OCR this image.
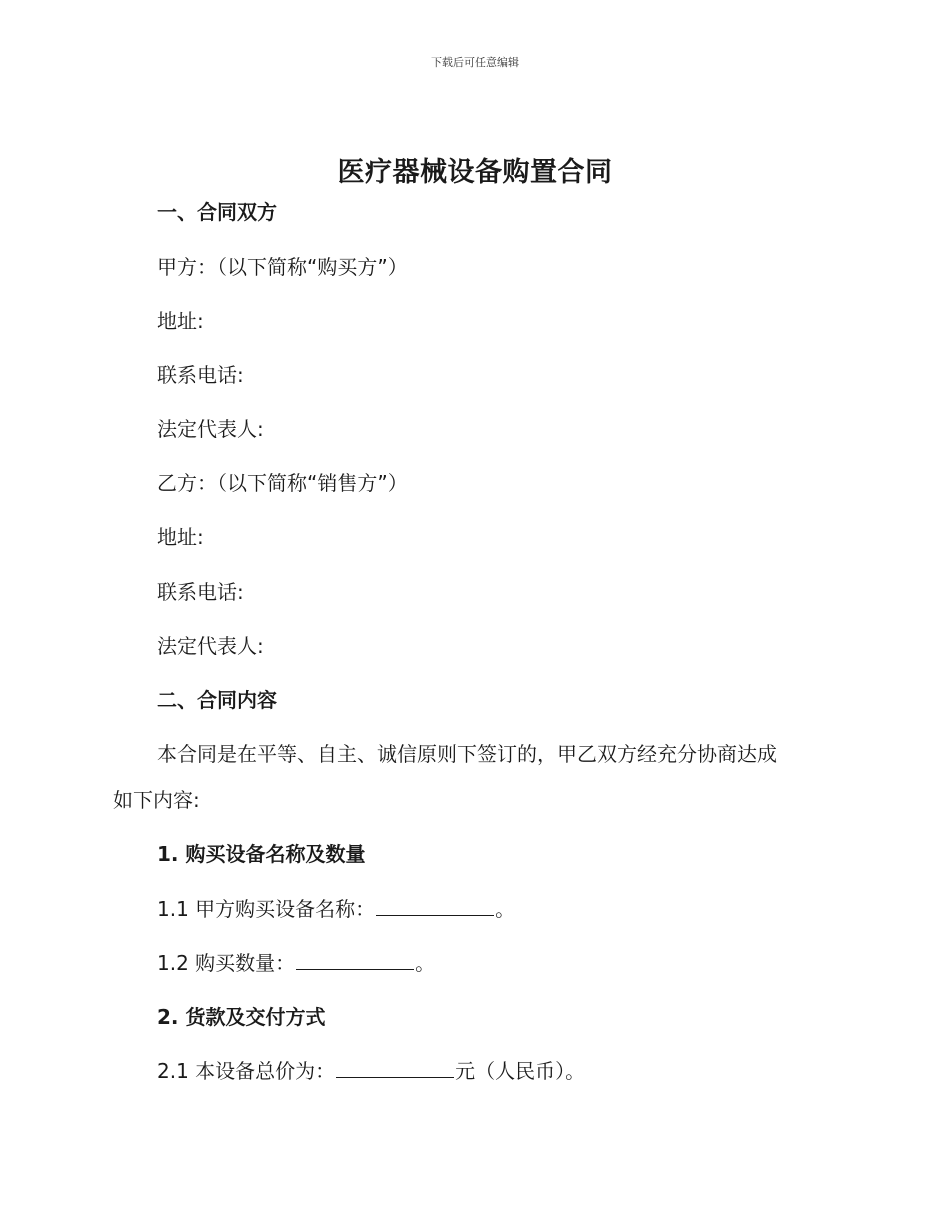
下载后可任意编辑
医疗器械设备购置合同
一、合同双方
甲方：（以下简称“购买方”）
地址:
联系电话:
法定代表人:
乙方：（以下简称“销售方”）
地址:
联系电话:
法定代表人:
二、合同内容
本合同是在平等、自主、诚信原则下签订的，甲乙双方经充分协商达成
如下内容:
1. 购买设备名称及数量
1.1 甲方购买设备名称：	。
1.2 购买数量：	。
2. 货款及交付方式
2.1 本设备总价为：	元（人民币）。
